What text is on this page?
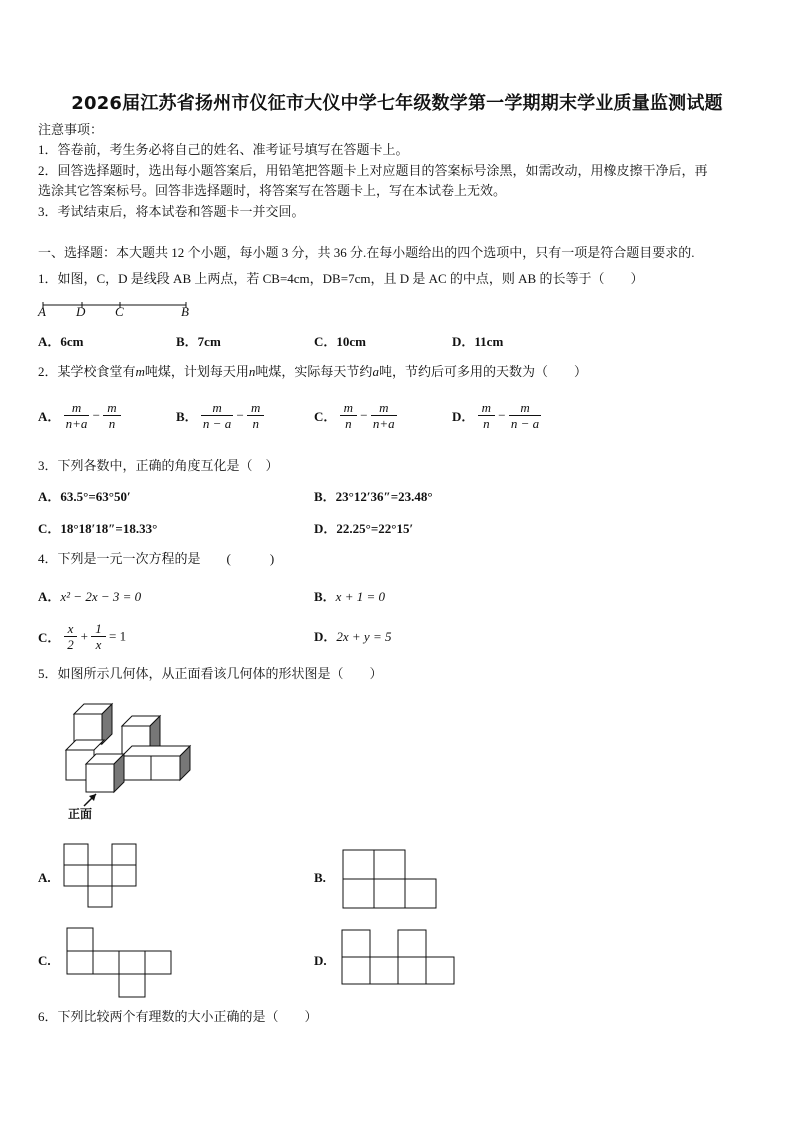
2026届江苏省扬州市仪征市大仪中学七年级数学第一学期期末学业质量监测试题
注意事项：
1．答卷前，考生务必将自己的姓名、准考证号填写在答题卡上。
2．回答选择题时，选出每小题答案后，用铅笔把答题卡上对应题目的答案标号涂黑，如需改动，用橡皮擦干净后，再
选涂其它答案标号。回答非选择题时，将答案写在答题卡上，写在本试卷上无效。
3．考试结束后，将本试卷和答题卡一并交回。
一、选择题：本大题共 12 个小题，每小题 3 分，共 36 分.在每小题给出的四个选项中，只有一项是符合题目要求的.
1．如图，C，D 是线段 AB 上两点，若 CB=4cm，DB=7cm，且 D 是 AC 的中点，则 AB 的长等于（　　）
A D C	B
A．6cm	B．7cm	C．10cm	D．11cm
2．某学校食堂有m吨煤，计划每天用n吨煤，实际每天节约a吨，节约后可多用的天数为（　　）
A． $\frac{m}{n+a} - \frac{m}{n}$	B． $\frac{m}{n - a} - \frac{m}{n}$	C． $\frac{m}{n} - \frac{m}{n+a}$	D． $\frac{m}{n} - \frac{m}{n - a}$
3．下列各数中，正确的角度互化是（　）
A．63.5°=63°50′	B．23°12′36″=23.48°
C．18°18′18″=18.33°	D．22.25°=22°15′
4．下列是一元一次方程的是　　(　　　)
A．x² − 2x − 3 = 0	B．x + 1 = 0
C． $\frac{x}{2} + \frac{1}{x} = 1$	D．2x + y = 5
5．如图所示几何体，从正面看该几何体的形状图是（　　）
正面
A.	B.
C.	D.
6．下列比较两个有理数的大小正确的是（　　）
